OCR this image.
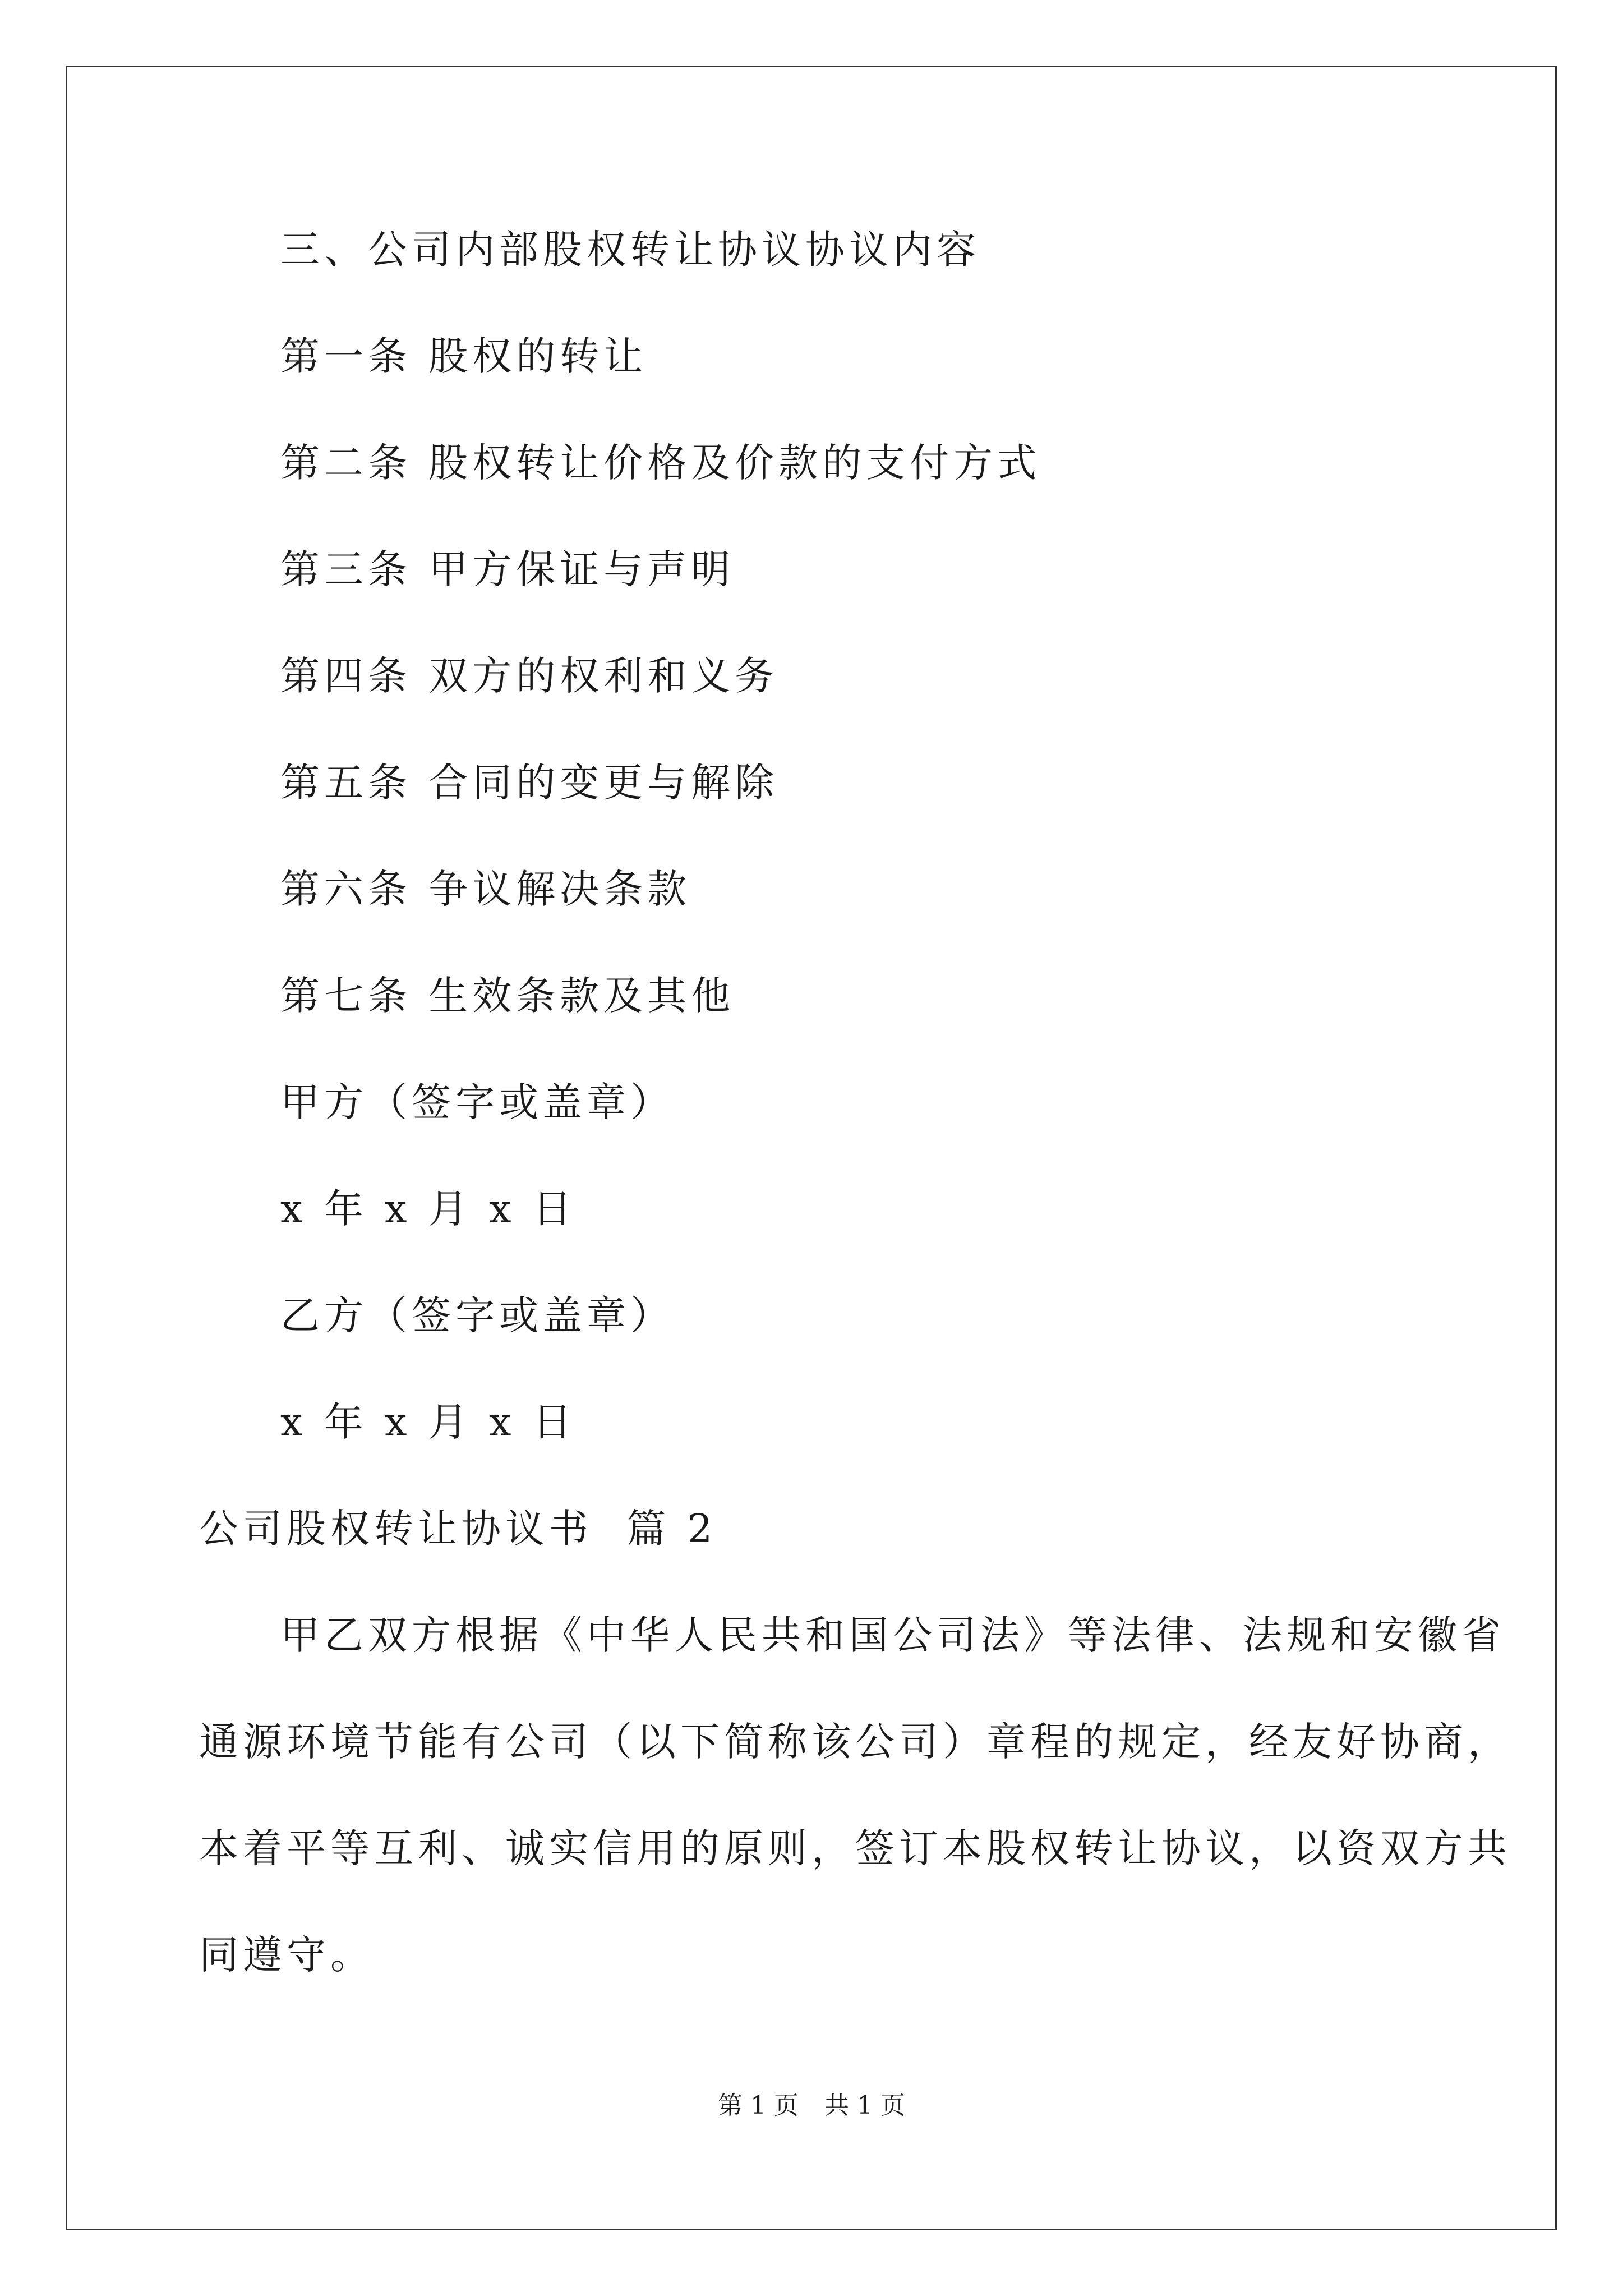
三、公司内部股权转让协议协议内容
第一条 股权的转让
第二条 股权转让价格及价款的支付方式
第三条 甲方保证与声明
第四条 双方的权利和义务
第五条 合同的变更与解除
第六条 争议解决条款
第七条 生效条款及其他
甲方（签字或盖章）
x 年 x 月 x 日
乙方（签字或盖章）
x 年 x 月 x 日
公司股权转让协议书  篇 2
甲乙双方根据《中华人民共和国公司法》等法律、法规和安徽省
通源环境节能有公司（以下简称该公司）章程的规定，经友好协商，
本着平等互利、诚实信用的原则，签订本股权转让协议，以资双方共
同遵守。
第 1 页 共 1 页
